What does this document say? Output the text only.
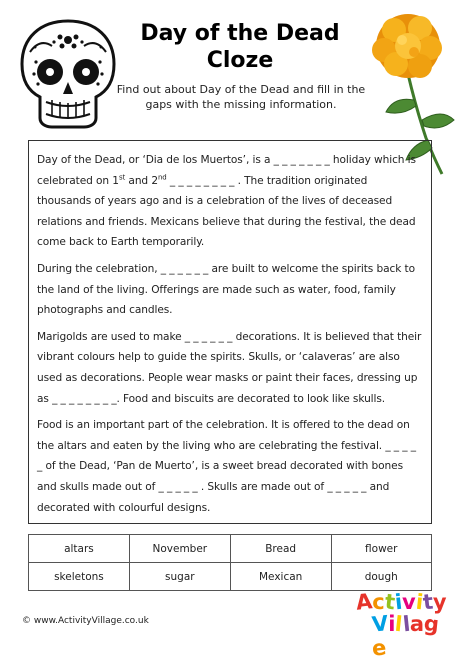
Day of the Dead
Cloze
Find out about Day of the Dead and fill in the gaps with the missing information.

Day of the Dead, or ‘Dia de los Muertos’, is a _ _ _ _ _ _ _ holiday which is celebrated on 1st and 2nd _ _ _ _ _ _ _ _ . The tradition originated thousands of years ago and is a celebration of the lives of deceased relations and friends. Mexicans believe that during the festival, the dead come back to Earth temporarily.

During the celebration, _ _ _ _ _ _ are built to welcome the spirits back to the land of the living. Offerings are made such as water, food, family photographs and candles.

Marigolds are used to make _ _ _ _ _ _ decorations. It is believed that their vibrant colours help to guide the spirits. Skulls, or ‘calaveras’ are also used as decorations. People wear masks or paint their faces, dressing up as _ _ _ _ _ _ _ _. Food and biscuits are decorated to look like skulls.

Food is an important part of the celebration. It is offered to the dead on the altars and eaten by the living who are celebrating the festival. _ _ _ _ _ of the Dead, ‘Pan de Muerto’, is a sweet bread decorated with bones and skulls made out of _ _ _ _ _ . Skulls are made out of _ _ _ _ _ and decorated with colourful designs.

altars	November	Bread	flower
skeletons	sugar	Mexican	dough
© www.ActivityVillage.co.uk
Activity
Village
